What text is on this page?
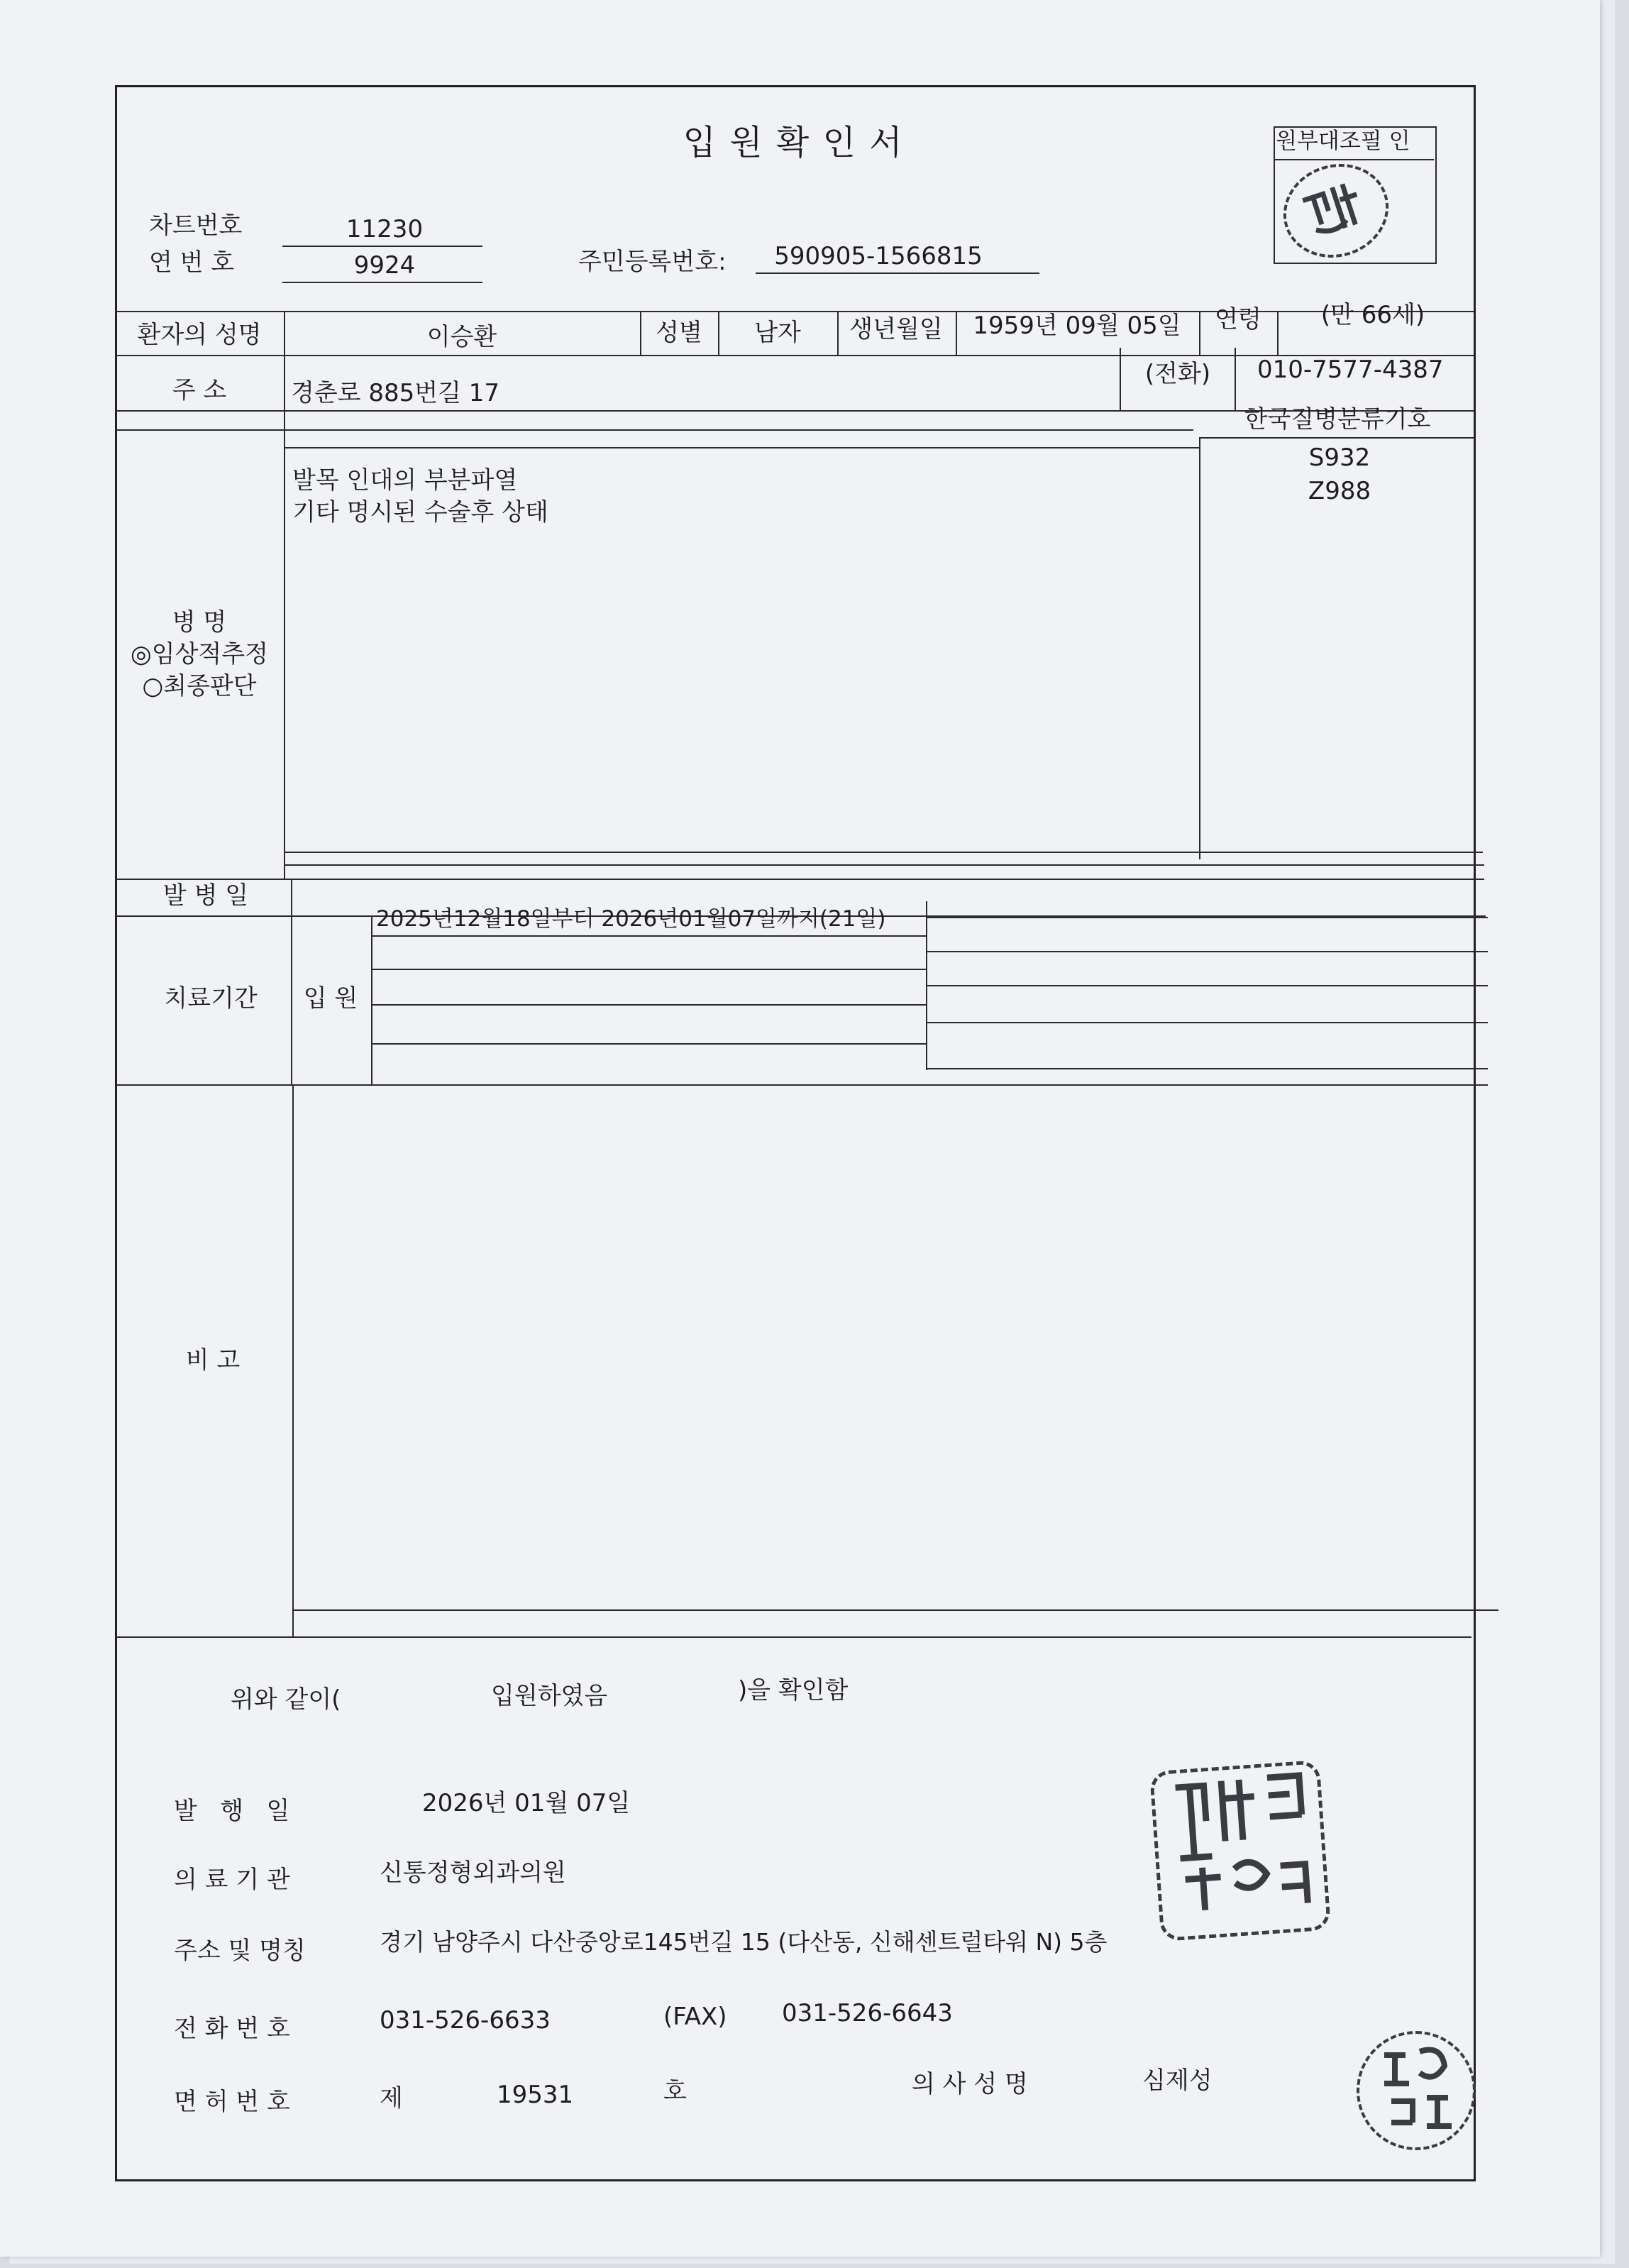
입 원 확 인 서	원부대조필 인
차트번호	11230
연 번 호	9924	주민등록번호: 590905-1566815
환자의 성명	이승환	성별 남자 생년월일 1959년 09월 05일 연령 (만 66세)
주 소	경춘로 885번길 17
(전화) 010-7577-4387
한국질병분류기호
병 명
◎임상적추정
○최종판단
발목 인대의 부분파열
기타 명시된 수술후 상태
S932
Z988
발 병 일
치료기간 입 원
2025년12월18일부터 2026년01월07일까지(21일)
비 고
위와 같이(	입원하였음	)을 확인함
발   행   일	2026년 01월 07일
의 료 기 관	신통정형외과의원
주소 및 명칭	경기 남양주시 다산중앙로145번길 15 (다산동, 신해센트럴타워 N) 5층
전 화 번 호	031-526-6633	(FAX) 031-526-6643
면 허 번 호	제	19531	호	의 사 성 명	심제성
